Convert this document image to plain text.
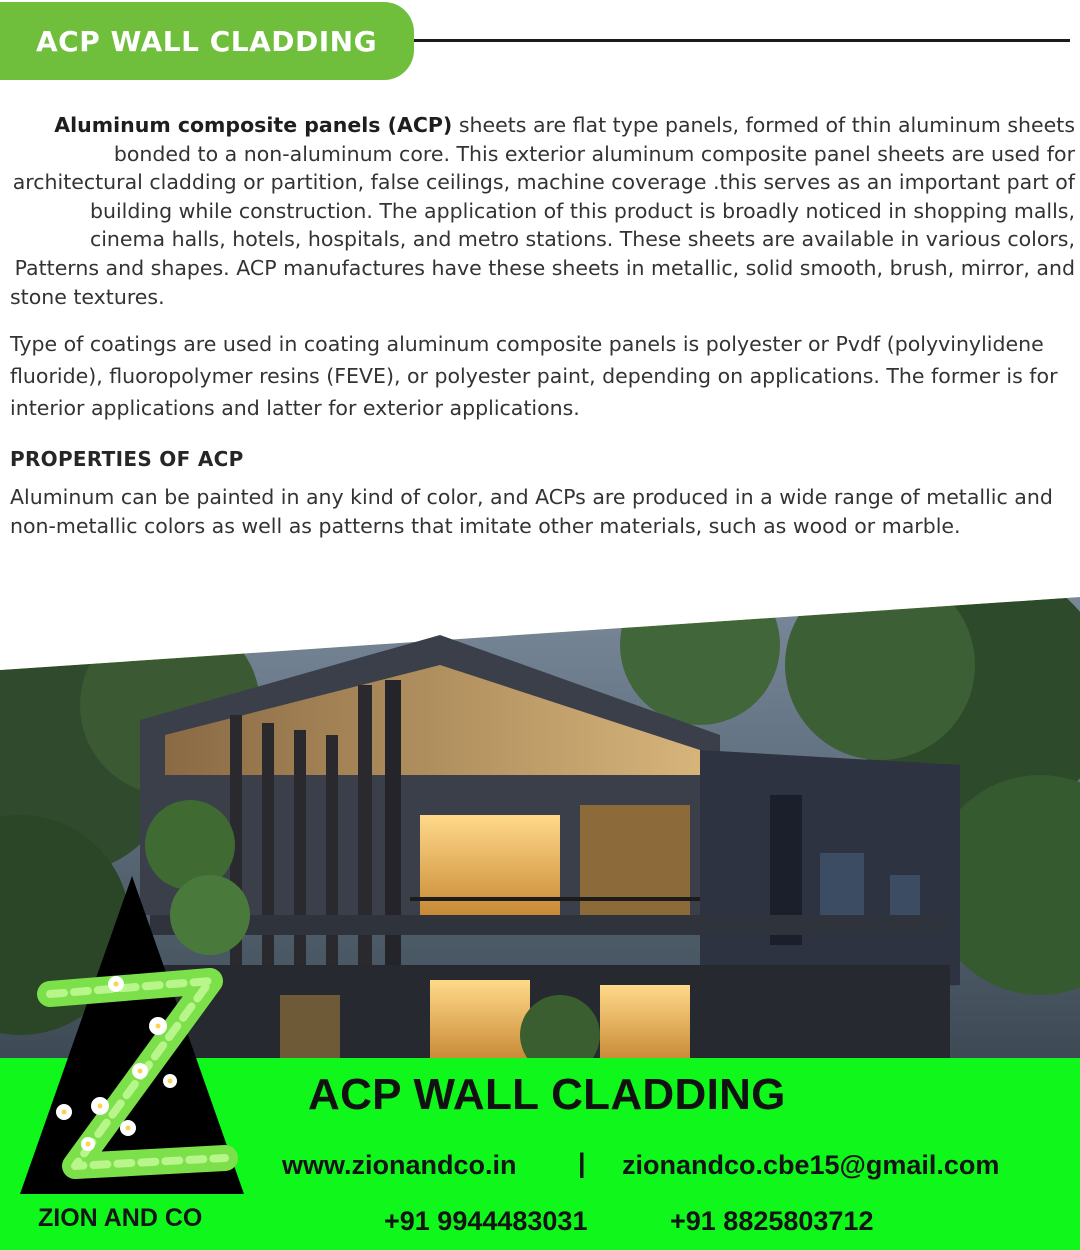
ACP WALL CLADDING

Aluminum composite panels (ACP) sheets are flat type panels, formed of thin aluminum sheets bonded to a non-aluminum core. This exterior aluminum composite panel sheets are used for architectural cladding or partition, false ceilings, machine coverage .this serves as an important part of building while construction. The application of this product is broadly noticed in shopping malls, cinema halls, hotels, hospitals, and metro stations. These sheets are available in various colors, Patterns and shapes. ACP manufactures have these sheets in metallic, solid smooth, brush, mirror, and stone textures.

Type of coatings are used in coating aluminum composite panels is polyester or Pvdf (polyvinylidene fluoride), fluoropolymer resins (FEVE), or polyester paint, depending on applications. The former is for interior applications and latter for exterior applications.

PROPERTIES OF ACP

Aluminum can be painted in any kind of color, and ACPs are produced in a wide range of metallic and non-metallic colors as well as patterns that imitate other materials, such as wood or marble.

ACP WALL CLADDING
www.zionandco.in | zionandco.cbe15@gmail.com
+91 9944483031	+91 8825803712

ZION AND CO
